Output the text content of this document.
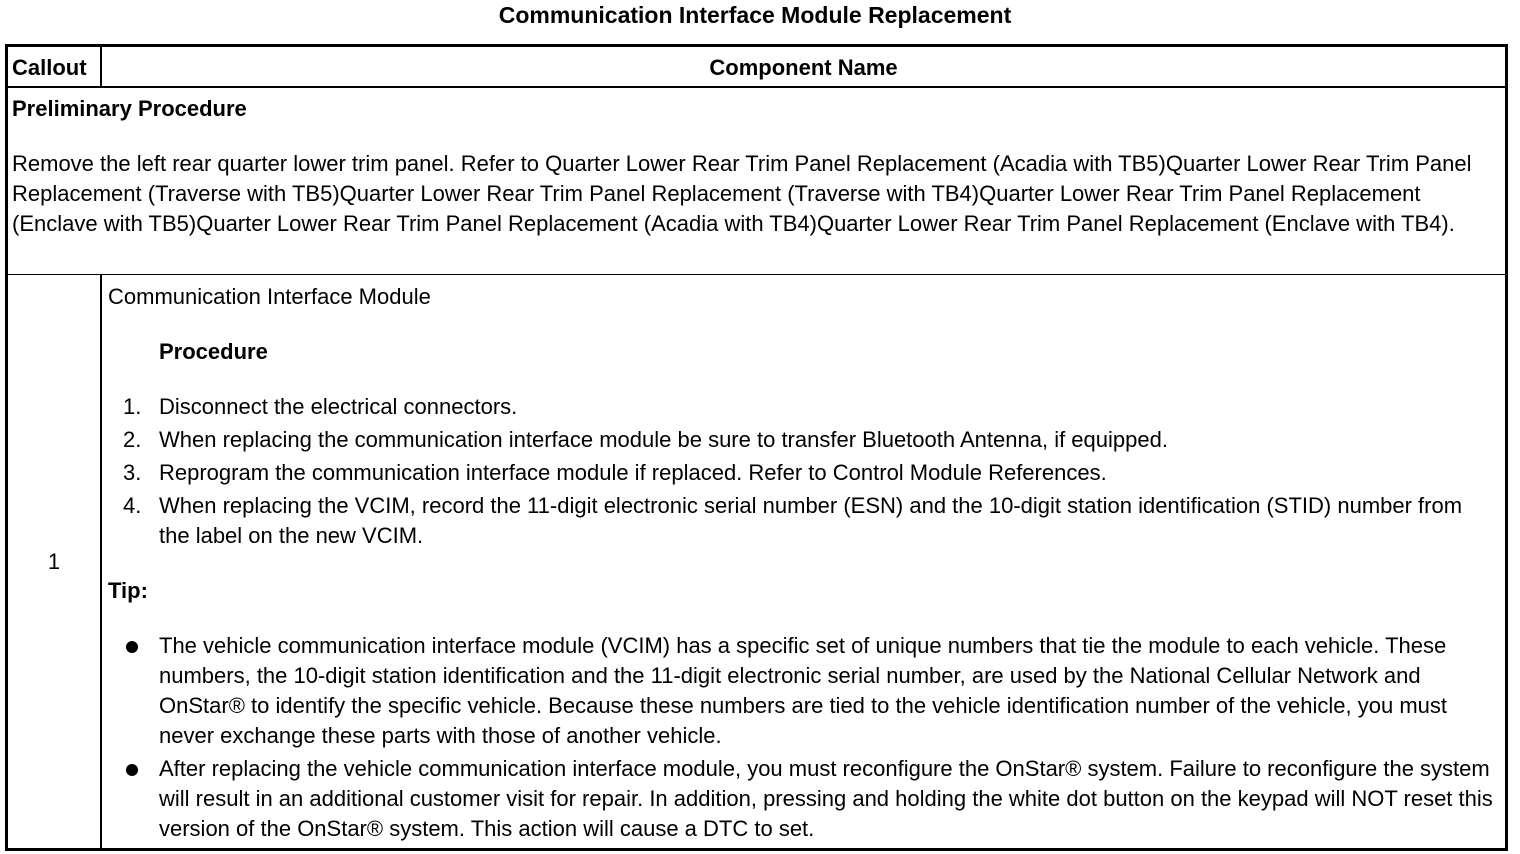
Communication Interface Module Replacement
Callout	Component Name
Preliminary Procedure

Remove the left rear quarter lower trim panel. Refer to Quarter Lower Rear Trim Panel Replacement (Acadia with TB5)Quarter Lower Rear Trim Panel Replacement (Traverse with TB5)Quarter Lower Rear Trim Panel Replacement (Traverse with TB4)Quarter Lower Rear Trim Panel Replacement (Enclave with TB5)Quarter Lower Rear Trim Panel Replacement (Acadia with TB4)Quarter Lower Rear Trim Panel Replacement (Enclave with TB4).

1

Communication Interface Module

Procedure

1. Disconnect the electrical connectors.
2. When replacing the communication interface module be sure to transfer Bluetooth Antenna, if equipped.
3. Reprogram the communication interface module if replaced. Refer to Control Module References.
4. When replacing the VCIM, record the 11-digit electronic serial number (ESN) and the 10-digit station identification (STID) number from the label on the new VCIM.

Tip:

The vehicle communication interface module (VCIM) has a specific set of unique numbers that tie the module to each vehicle. These numbers, the 10-digit station identification and the 11-digit electronic serial number, are used by the National Cellular Network and OnStar® to identify the specific vehicle. Because these numbers are tied to the vehicle identification number of the vehicle, you must never exchange these parts with those of another vehicle.
After replacing the vehicle communication interface module, you must reconfigure the OnStar® system. Failure to reconfigure the system will result in an additional customer visit for repair. In addition, pressing and holding the white dot button on the keypad will NOT reset this version of the OnStar® system. This action will cause a DTC to set.
